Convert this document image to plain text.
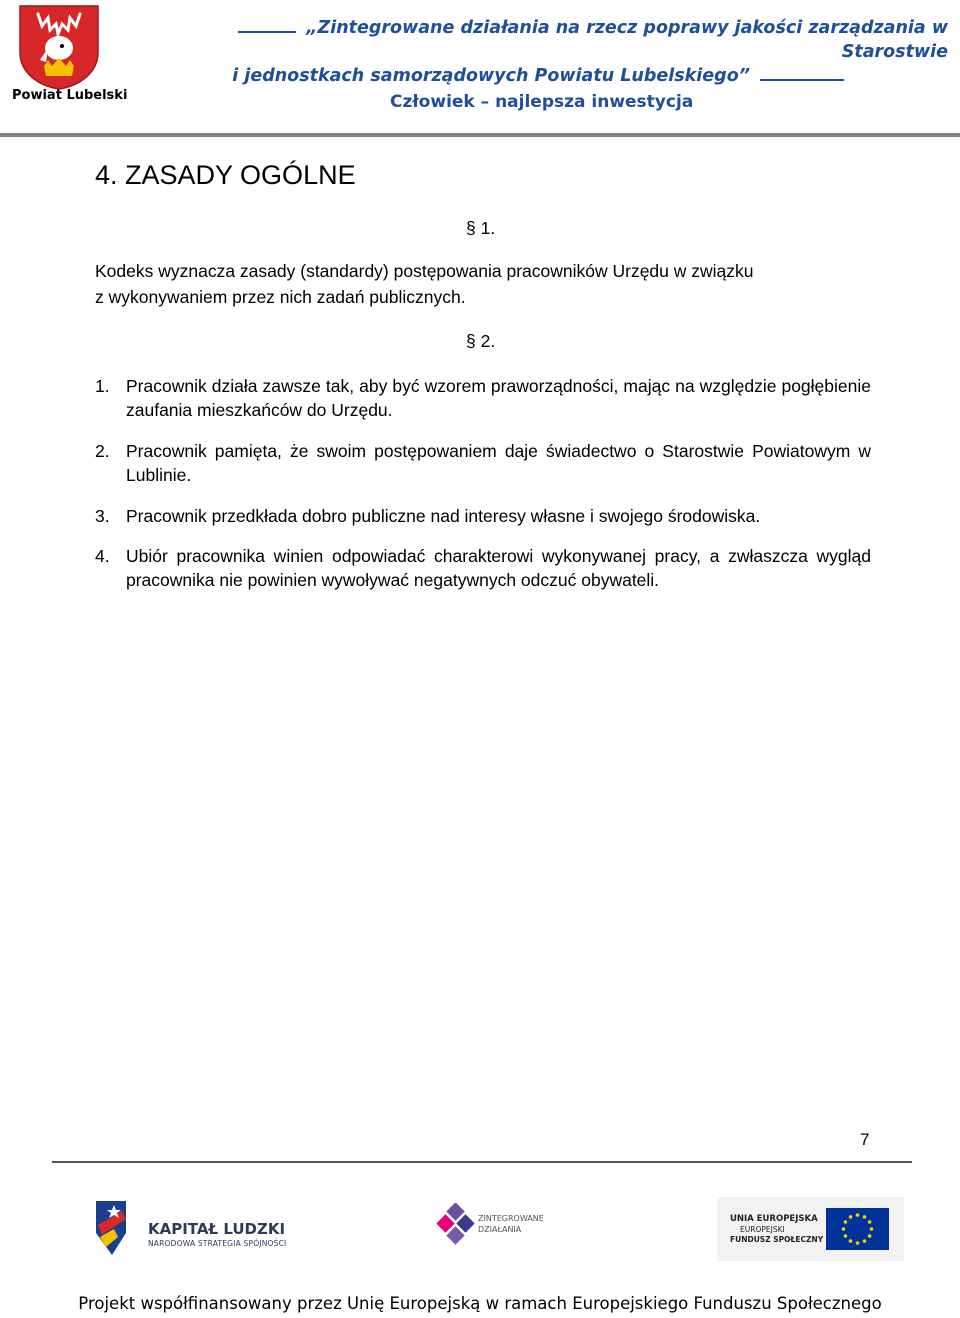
Powiat Lubelski
„Zintegrowane działania na rzecz poprawy jakości zarządzania w Starostwie
i jednostkach samorządowych Powiatu Lubelskiego”
Człowiek – najlepsza inwestycja
4. ZASADY OGÓLNE
§ 1.
Kodeks wyznacza zasady (standardy) postępowania pracowników Urzędu w związku
z wykonywaniem przez nich zadań publicznych.
§ 2.
1. Pracownik działa zawsze tak, aby być wzorem praworządności, mając na względzie pogłębienie zaufania mieszkańców do Urzędu.
2. Pracownik pamięta, że swoim postępowaniem daje świadectwo o Starostwie Powiatowym w Lublinie.
3. Pracownik przedkłada dobro publiczne nad interesy własne i swojego środowiska.
4. Ubiór pracownika winien odpowiadać charakterowi wykonywanej pracy, a zwłaszcza wygląd pracownika nie powinien wywoływać negatywnych odczuć obywateli.
7
KAPITAŁ LUDZKI
NARODOWA STRATEGIA SPÓJNOŚCI
ZINTEGROWANE
DZIAŁANIA
UNIA EUROPEJSKA
EUROPEJSKI
FUNDUSZ SPOŁECZNY
Projekt współfinansowany przez Unię Europejską w ramach Europejskiego Funduszu Społecznego
